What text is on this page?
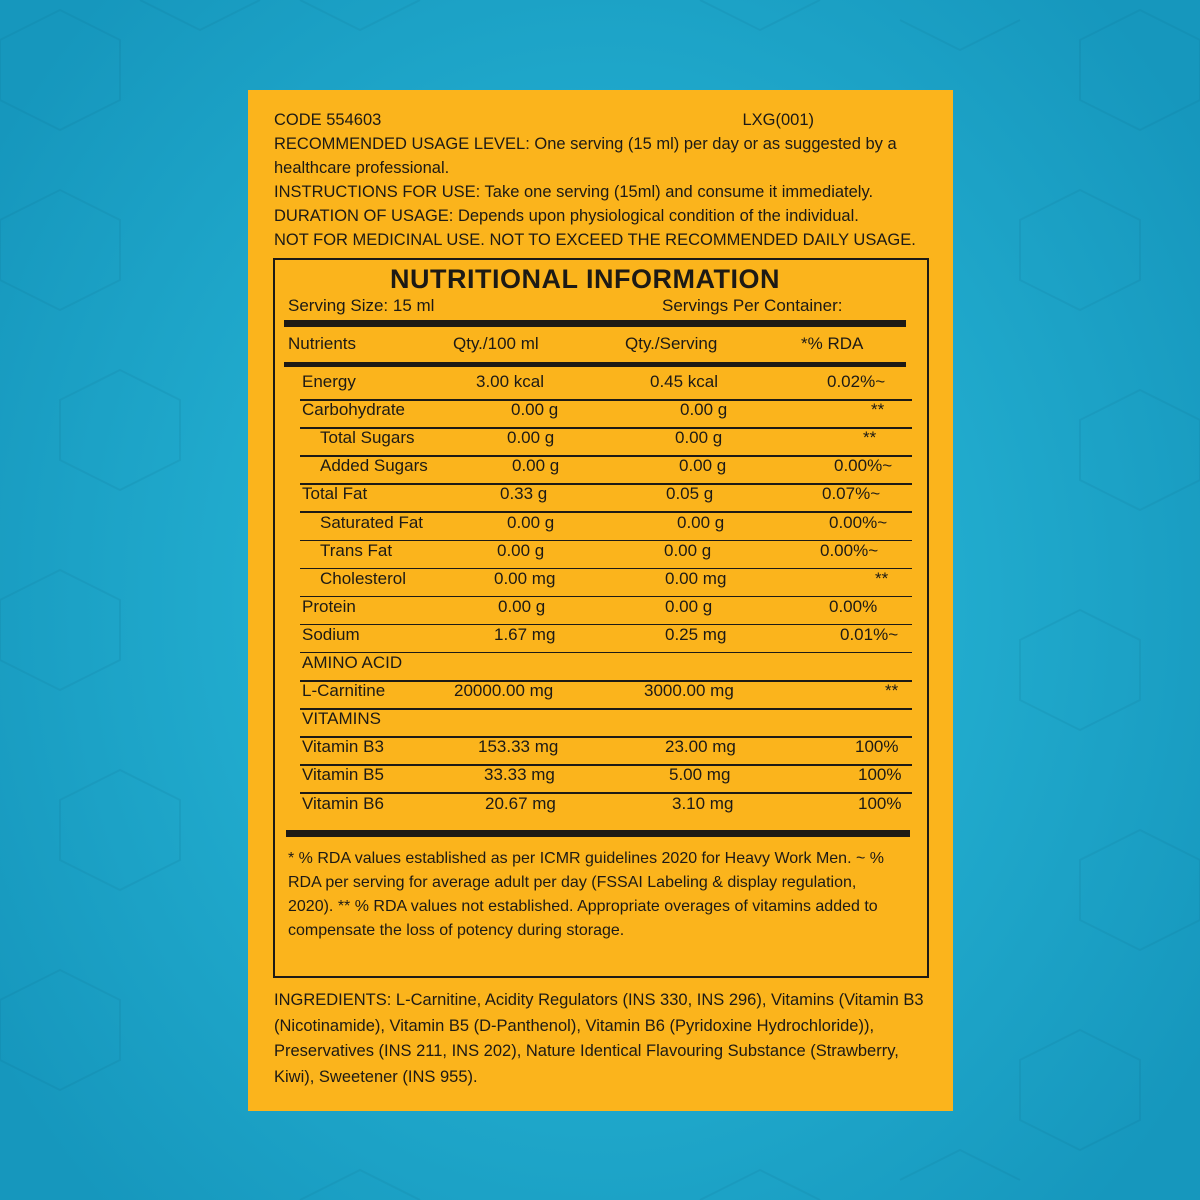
CODE 554603	LXG(001)

RECOMMENDED USAGE LEVEL: One serving (15 ml) per day or as suggested by a healthcare professional.

INSTRUCTIONS FOR USE: Take one serving (15ml) and consume it immediately.

DURATION OF USAGE: Depends upon physiological condition of the individual.

NOT FOR MEDICINAL USE. NOT TO EXCEED THE RECOMMENDED DAILY USAGE.

NUTRITIONAL INFORMATION
Serving Size: 15 ml	Servings Per Container:
Nutrients	Qty./100 ml	Qty./Serving	*% RDA
Energy	3.00 kcal	0.45 kcal	0.02%~
Carbohydrate	0.00 g	0.00 g	**
Total Sugars	0.00 g	0.00 g	**
Added Sugars	0.00 g	0.00 g	0.00%~
Total Fat	0.33 g	0.05 g	0.07%~
Saturated Fat	0.00 g	0.00 g	0.00%~
Trans Fat	0.00 g	0.00 g	0.00%~
Cholesterol	0.00 mg	0.00 mg	**
Protein	0.00 g	0.00 g	0.00%
Sodium	1.67 mg	0.25 mg	0.01%~
AMINO ACID
L-Carnitine	20000.00 mg	3000.00 mg	**
VITAMINS
Vitamin B3	153.33 mg	23.00 mg	100%
Vitamin B5	33.33 mg	5.00 mg	100%
Vitamin B6	20.67 mg	3.10 mg	100%
* % RDA values established as per ICMR guidelines 2020 for Heavy Work Men. ~ % RDA per serving for average adult per day (FSSAI Labeling & display regulation, 2020). ** % RDA values not established. Appropriate overages of vitamins added to compensate the loss of potency during storage.
INGREDIENTS: L-Carnitine, Acidity Regulators (INS 330, INS 296), Vitamins (Vitamin B3 (Nicotinamide), Vitamin B5 (D-Panthenol), Vitamin B6 (Pyridoxine Hydrochloride)), Preservatives (INS 211, INS 202), Nature Identical Flavouring Substance (Strawberry, Kiwi), Sweetener (INS 955).
